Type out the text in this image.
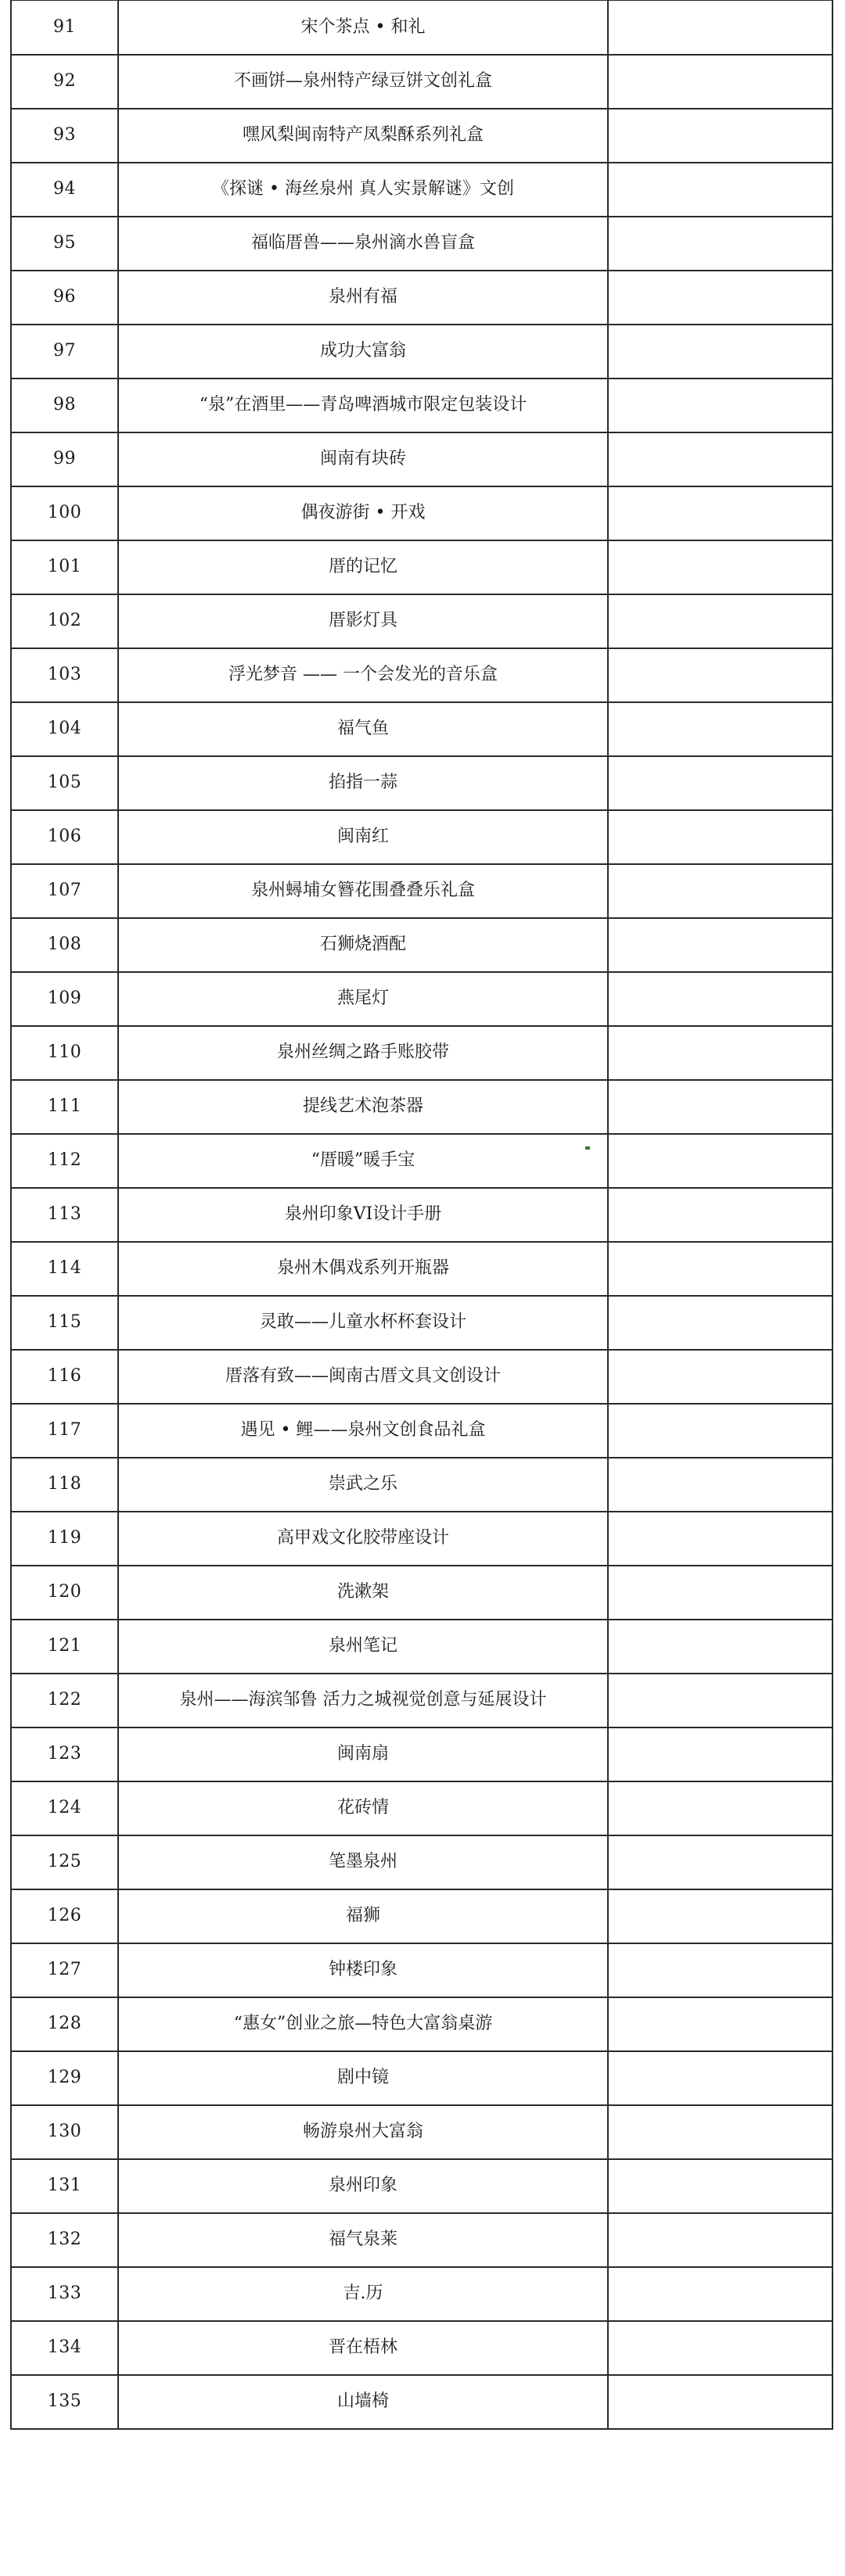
91	宋个茶点 • 和礼	
92	不画饼—泉州特产绿豆饼文创礼盒	
93	嘿风梨闽南特产凤梨酥系列礼盒	
94	《探谜 • 海丝泉州 真人实景解谜》文创	
95	福临厝兽——泉州滴水兽盲盒	
96	泉州有福	
97	成功大富翁	
98	“泉”在酒里——青岛啤酒城市限定包装设计	
99	闽南有块砖	
100	偶夜游街 • 开戏	
101	厝的记忆	
102	厝影灯具	
103	浮光梦音 —— 一个会发光的音乐盒	
104	福气鱼	
105	掐指一蒜	
106	闽南红	
107	泉州蟳埔女簪花围叠叠乐礼盒	
108	石狮烧酒配	
109	燕尾灯	
110	泉州丝绸之路手账胶带	
111	提线艺术泡茶器	
112	“厝暖”暖手宝	
113	泉州印象VI设计手册	
114	泉州木偶戏系列开瓶器	
115	灵敢——儿童水杯杯套设计	
116	厝落有致——闽南古厝文具文创设计	
117	遇见 • 鲤——泉州文创食品礼盒	
118	崇武之乐	
119	高甲戏文化胶带座设计	
120	洗漱架	
121	泉州笔记	
122	泉州——海滨邹鲁 活力之城视觉创意与延展设计	
123	闽南扇	
124	花砖情	
125	笔墨泉州	
126	福狮	
127	钟楼印象	
128	“惠女”创业之旅—特色大富翁桌游	
129	剧中镜	
130	畅游泉州大富翁	
131	泉州印象	
132	福气泉莱	
133	吉.历	
134	晋在梧林	
135	山墙椅	
